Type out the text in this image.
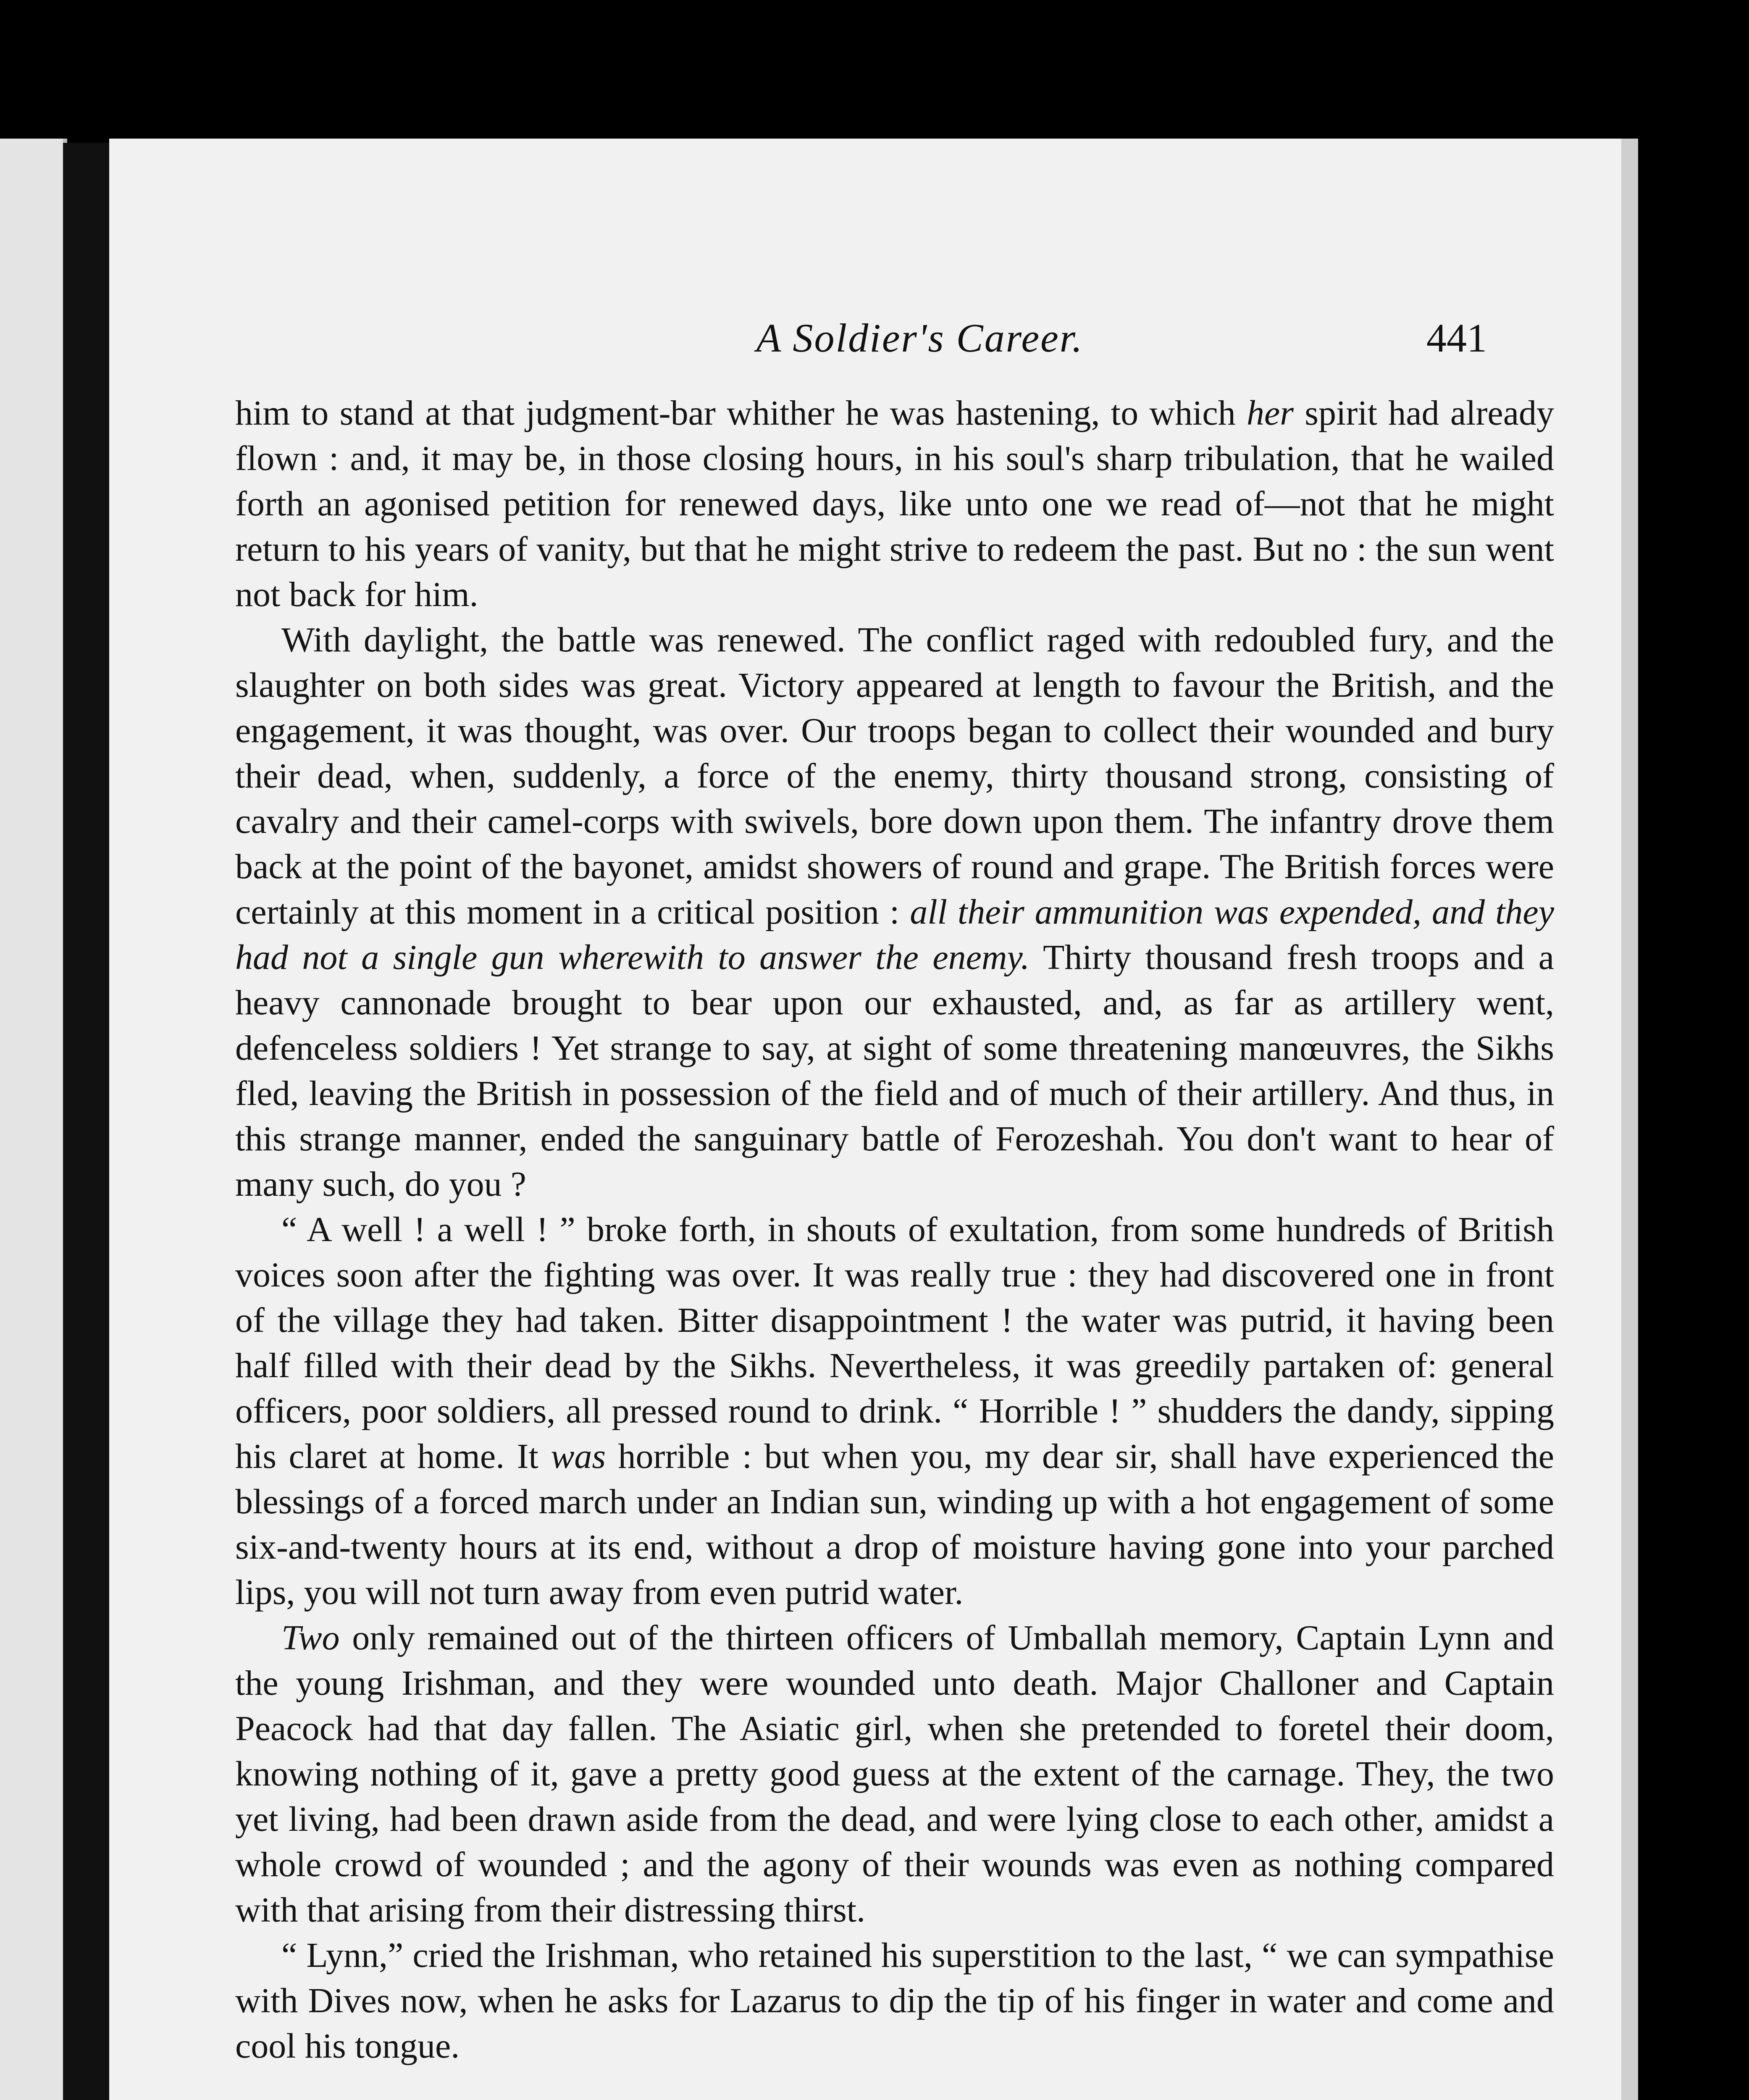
A Soldier's Career.	441

him to stand at that judgment-bar whither he was hastening, to which her spirit had already flown : and, it may be, in those closing hours, in his soul's sharp tribulation, that he wailed forth an agonised petition for renewed days, like unto one we read of—not that he might return to his years of vanity, but that he might strive to redeem the past. But no : the sun went not back for him.

With daylight, the battle was renewed. The conflict raged with redoubled fury, and the slaughter on both sides was great. Victory appeared at length to favour the British, and the engagement, it was thought, was over. Our troops began to collect their wounded and bury their dead, when, suddenly, a force of the enemy, thirty thousand strong, consisting of cavalry and their camel-corps with swivels, bore down upon them. The infantry drove them back at the point of the bayonet, amidst showers of round and grape. The British forces were certainly at this moment in a critical position : all their ammunition was expended, and they had not a single gun wherewith to answer the enemy. Thirty thousand fresh troops and a heavy cannonade brought to bear upon our exhausted, and, as far as artillery went, defenceless soldiers ! Yet strange to say, at sight of some threatening manœuvres, the Sikhs fled, leaving the British in possession of the field and of much of their artillery. And thus, in this strange manner, ended the sanguinary battle of Ferozeshah. You don't want to hear of many such, do you ?

“ A well ! a well ! ” broke forth, in shouts of exultation, from some hundreds of British voices soon after the fighting was over. It was really true : they had discovered one in front of the village they had taken. Bitter disappointment ! the water was putrid, it having been half filled with their dead by the Sikhs. Nevertheless, it was greedily partaken of: general officers, poor soldiers, all pressed round to drink. “ Horrible ! ” shudders the dandy, sipping his claret at home. It was horrible : but when you, my dear sir, shall have experienced the blessings of a forced march under an Indian sun, winding up with a hot engagement of some six-and-twenty hours at its end, without a drop of moisture having gone into your parched lips, you will not turn away from even putrid water.

Two only remained out of the thirteen officers of Umballah memory, Captain Lynn and the young Irishman, and they were wounded unto death. Major Challoner and Captain Peacock had that day fallen. The Asiatic girl, when she pretended to foretel their doom, knowing nothing of it, gave a pretty good guess at the extent of the carnage. They, the two yet living, had been drawn aside from the dead, and were lying close to each other, amidst a whole crowd of wounded ; and the agony of their wounds was even as nothing compared with that arising from their distressing thirst.

“ Lynn,” cried the Irishman, who retained his superstition to the last, “ we can sympathise with Dives now, when he asks for Lazarus to dip the tip of his finger in water and come and cool his tongue.
